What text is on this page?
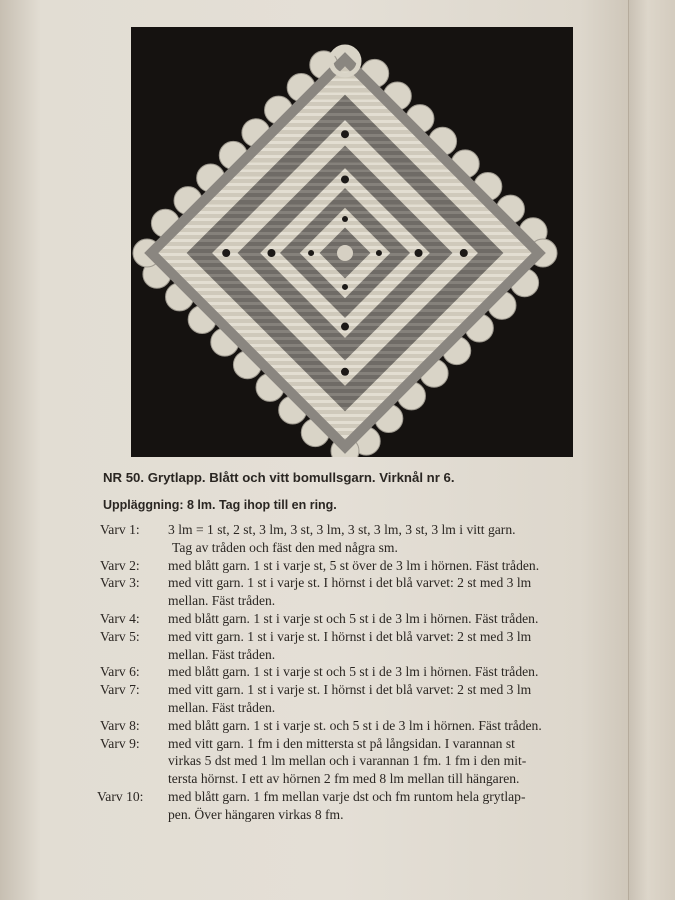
NR 50. Grytlapp. Blått och vitt bomullsgarn. Virknål nr 6.
Uppläggning: 8 lm. Tag ihop till en ring.
Varv 1:	3 lm = 1 st, 2 st, 3 lm, 3 st, 3 lm, 3 st, 3 lm, 3 st, 3 lm i vitt garn.
Tag av tråden och fäst den med några sm.
Varv 2:	med blått garn. 1 st i varje st, 5 st över de 3 lm i hörnen. Fäst tråden.
Varv 3:	med vitt garn. 1 st i varje st. I hörnst i det blå varvet: 2 st med 3 lm
mellan. Fäst tråden.
Varv 4:	med blått garn. 1 st i varje st och 5 st i de 3 lm i hörnen. Fäst tråden.
Varv 5:	med vitt garn. 1 st i varje st. I hörnst i det blå varvet: 2 st med 3 lm
mellan. Fäst tråden.
Varv 6:	med blått garn. 1 st i varje st och 5 st i de 3 lm i hörnen. Fäst tråden.
Varv 7:	med vitt garn. 1 st i varje st. I hörnst i det blå varvet: 2 st med 3 lm
mellan. Fäst tråden.
Varv 8:	med blått garn. 1 st i varje st. och 5 st i de 3 lm i hörnen. Fäst tråden.
Varv 9:	med vitt garn. 1 fm i den mittersta st på långsidan. I varannan st
virkas 5 dst med 1 lm mellan och i varannan 1 fm. 1 fm i den mit-
tersta hörnst. I ett av hörnen 2 fm med 8 lm mellan till hängaren.
Varv 10:	med blått garn. 1 fm mellan varje dst och fm runtom hela grytlap-
pen. Över hängaren virkas 8 fm.
